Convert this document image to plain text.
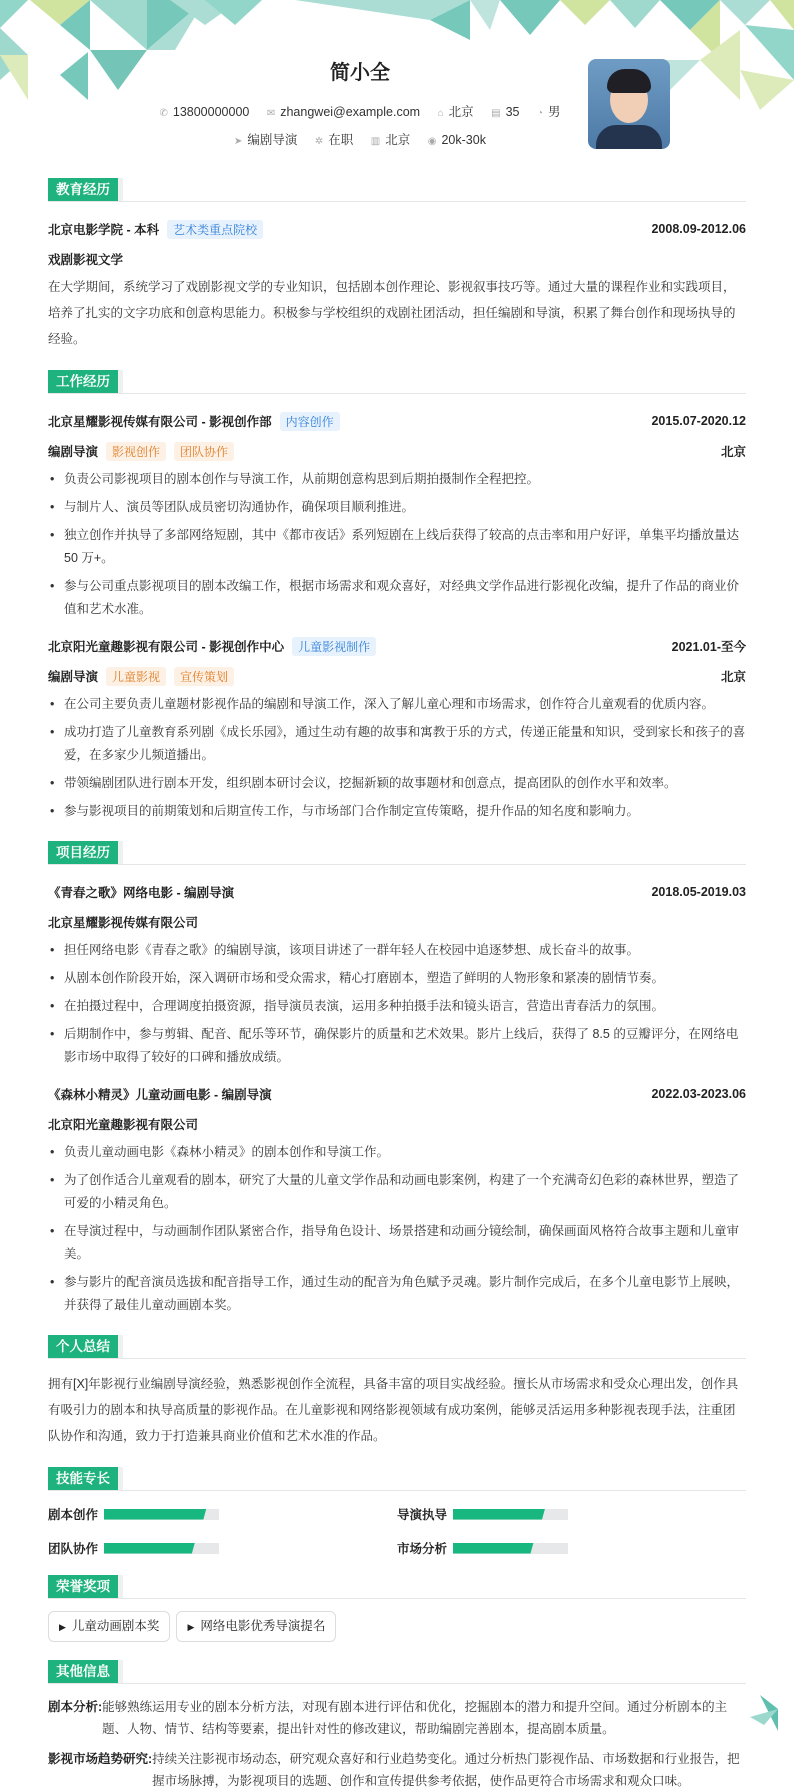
简小全
✆ 13800000000 ✉ zhangwei@example.com ⌂ 北京 ▤ 35 ◔ 男
➤ 编剧导演 ✲ 在职 ▥ 北京 ◉ 20k-30k
教育经历
北京电影学院 - 本科	艺术类重点院校	2008.09-2012.06
戏剧影视文学
在大学期间，系统学习了戏剧影视文学的专业知识，包括剧本创作理论、影视叙事技巧等。通过大量的课程作业和实践项目，培养了扎实的文字功底和创意构思能力。积极参与学校组织的戏剧社团活动，担任编剧和导演，积累了舞台创作和现场执导的经验。
工作经历
北京星耀影视传媒有限公司 - 影视创作部	内容创作	2015.07-2020.12
编剧导演	影视创作	团队协作	北京
• 负责公司影视项目的剧本创作与导演工作，从前期创意构思到后期拍摄制作全程把控。
• 与制片人、演员等团队成员密切沟通协作，确保项目顺利推进。
• 独立创作并执导了多部网络短剧，其中《都市夜话》系列短剧在上线后获得了较高的点击率和用户好评，单集平均播放量达 50 万+。
• 参与公司重点影视项目的剧本改编工作，根据市场需求和观众喜好，对经典文学作品进行影视化改编，提升了作品的商业价值和艺术水准。
北京阳光童趣影视有限公司 - 影视创作中心	儿童影视制作	2021.01-至今
编剧导演	儿童影视	宣传策划	北京
• 在公司主要负责儿童题材影视作品的编剧和导演工作，深入了解儿童心理和市场需求，创作符合儿童观看的优质内容。
• 成功打造了儿童教育系列剧《成长乐园》，通过生动有趣的故事和寓教于乐的方式，传递正能量和知识，受到家长和孩子的喜爱，在多家少儿频道播出。
• 带领编剧团队进行剧本开发，组织剧本研讨会议，挖掘新颖的故事题材和创意点，提高团队的创作水平和效率。
• 参与影视项目的前期策划和后期宣传工作，与市场部门合作制定宣传策略，提升作品的知名度和影响力。
项目经历
《青春之歌》网络电影 - 编剧导演	2018.05-2019.03
北京星耀影视传媒有限公司
• 担任网络电影《青春之歌》的编剧导演，该项目讲述了一群年轻人在校园中追逐梦想、成长奋斗的故事。
• 从剧本创作阶段开始，深入调研市场和受众需求，精心打磨剧本，塑造了鲜明的人物形象和紧凑的剧情节奏。
• 在拍摄过程中，合理调度拍摄资源，指导演员表演，运用多种拍摄手法和镜头语言，营造出青春活力的氛围。
• 后期制作中，参与剪辑、配音、配乐等环节，确保影片的质量和艺术效果。影片上线后，获得了 8.5 的豆瓣评分，在网络电影市场中取得了较好的口碑和播放成绩。
《森林小精灵》儿童动画电影 - 编剧导演	2022.03-2023.06
北京阳光童趣影视有限公司
• 负责儿童动画电影《森林小精灵》的剧本创作和导演工作。
• 为了创作适合儿童观看的剧本，研究了大量的儿童文学作品和动画电影案例，构建了一个充满奇幻色彩的森林世界，塑造了可爱的小精灵角色。
• 在导演过程中，与动画制作团队紧密合作，指导角色设计、场景搭建和动画分镜绘制，确保画面风格符合故事主题和儿童审美。
• 参与影片的配音演员选拔和配音指导工作，通过生动的配音为角色赋予灵魂。影片制作完成后，在多个儿童电影节上展映，并获得了最佳儿童动画剧本奖。
个人总结
拥有[X]年影视行业编剧导演经验，熟悉影视创作全流程，具备丰富的项目实战经验。擅长从市场需求和受众心理出发，创作具有吸引力的剧本和执导高质量的影视作品。在儿童影视和网络影视领域有成功案例，能够灵活运用多种影视表现手法，注重团队协作和沟通，致力于打造兼具商业价值和艺术水准的作品。
技能专长
剧本创作	导演执导
团队协作	市场分析
荣誉奖项
▶ 儿童动画剧本奖	▶ 网络电影优秀导演提名
其他信息
剧本分析: 能够熟练运用专业的剧本分析方法，对现有剧本进行评估和优化，挖掘剧本的潜力和提升空间。通过分析剧本的主题、人物、情节、结构等要素，提出针对性的修改建议，帮助编剧完善剧本，提高剧本质量。
影视市场趋势研究: 持续关注影视市场动态，研究观众喜好和行业趋势变化。通过分析热门影视作品、市场数据和行业报告，把握市场脉搏，为影视项目的选题、创作和宣传提供参考依据，使作品更符合市场需求和观众口味。
